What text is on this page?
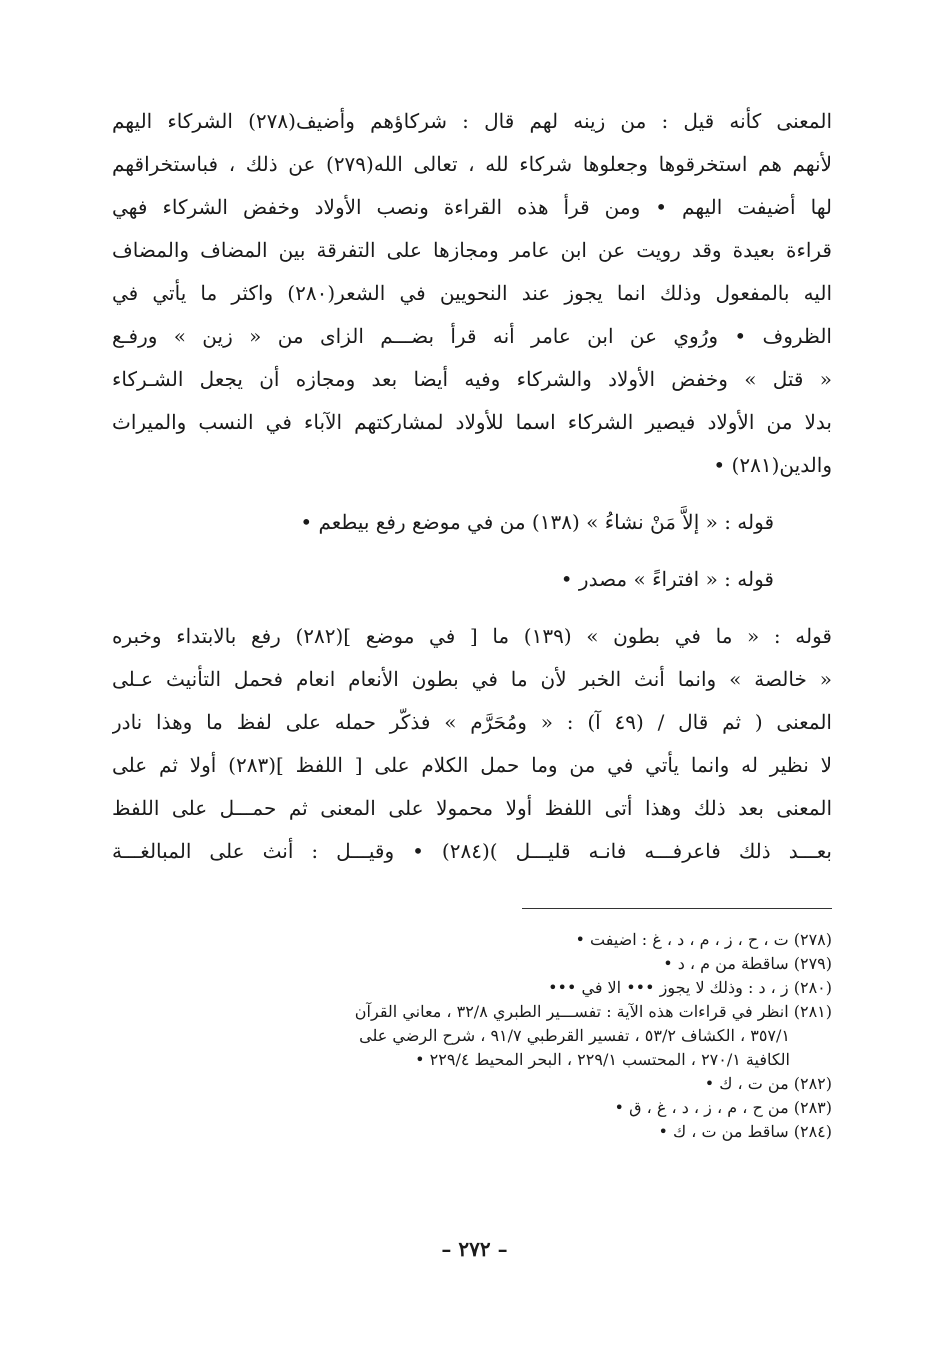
المعنى كأنه قيل : من زينه لهم قال : شركاؤهم وأضيف(٢٧٨) الشركاء اليهم
لأنهم هم استخرقوها وجعلوها شركاء لله ، تعالى الله(٢٧٩) عن ذلك ، فباستخراقهم
لها أضيفت اليهم • ومن قرأ هذه القراءة ونصب الأولاد وخفض الشركاء فهي
قراءة بعيدة وقد رويت عن ابن عامر ومجازها على التفرقة بين المضاف والمضاف
اليه بالمفعول وذلك انما يجوز عند النحويين في الشعر(٢٨٠) واكثر ما يأتي في
الظروف • ورُوي عن ابن عامر أنه قرأ بضـــم الزاى من « زين » ورفـع
« قتل » وخفض الأولاد والشركاء وفيه أيضا بعد ومجازه أن يجعل الشـركاء
بدلا من الأولاد فيصير الشركاء اسما للأولاد لمشاركتهم الآباء في النسب والميراث
والدين(٢٨١) •
قوله : « إلاَّ مَنْ نشاءُ » (١٣٨) من في موضع رفع بيطعم •
قوله : « افتراءً » مصدر •
قوله : « ما في بطون » (١٣٩) ما [ في موضع ](٢٨٢) رفع بالابتداء وخبره
« خالصة » وانما أنث الخبر لأن ما في بطون الأنعام انعام فحمل التأنيث عـلى
المعنى ( ثم قال / (٤٩ آ) : « ومُحَرَّم » فذكّر حمله على لفظ ما وهذا نادر
لا نظير له وانما يأتي في من وما حمل الكلام على [ اللفظ ](٢٨٣) أولا ثم على
المعنى بعد ذلك وهذا أتى اللفظ أولا محمولا على المعنى ثم حمـــل على اللفظ
بعـــد ذلك فاعرفـــه فانـه قليـــل )(٢٨٤) • وقيـــل : أنث على المبالغـــة
(٢٧٨) ت ، ح ، ز ، م ، د ، غ : اضيفت •
(٢٧٩) ساقطة من م ، د •
(٢٨٠) ز ، د : وذلك لا يجوز ••• الا في •••
(٢٨١) انظر في قراءات هذه الآية : تفســـير الطبري ٣٢/٨ ، معاني القرآن
٣٥٧/١ ، الكشاف ٥٣/٢ ، تفسير القرطبي ٩١/٧ ، شرح الرضي على
الكافية ٢٧٠/١ ، المحتسب ٢٢٩/١ ، البحر المحيط ٢٢٩/٤ •
(٢٨٢) من ت ، ك •
(٢٨٣) من ح ، م ، ز ، د ، غ ، ق •
(٢٨٤) ساقط من ت ، ك •
– ٢٧٢ –
